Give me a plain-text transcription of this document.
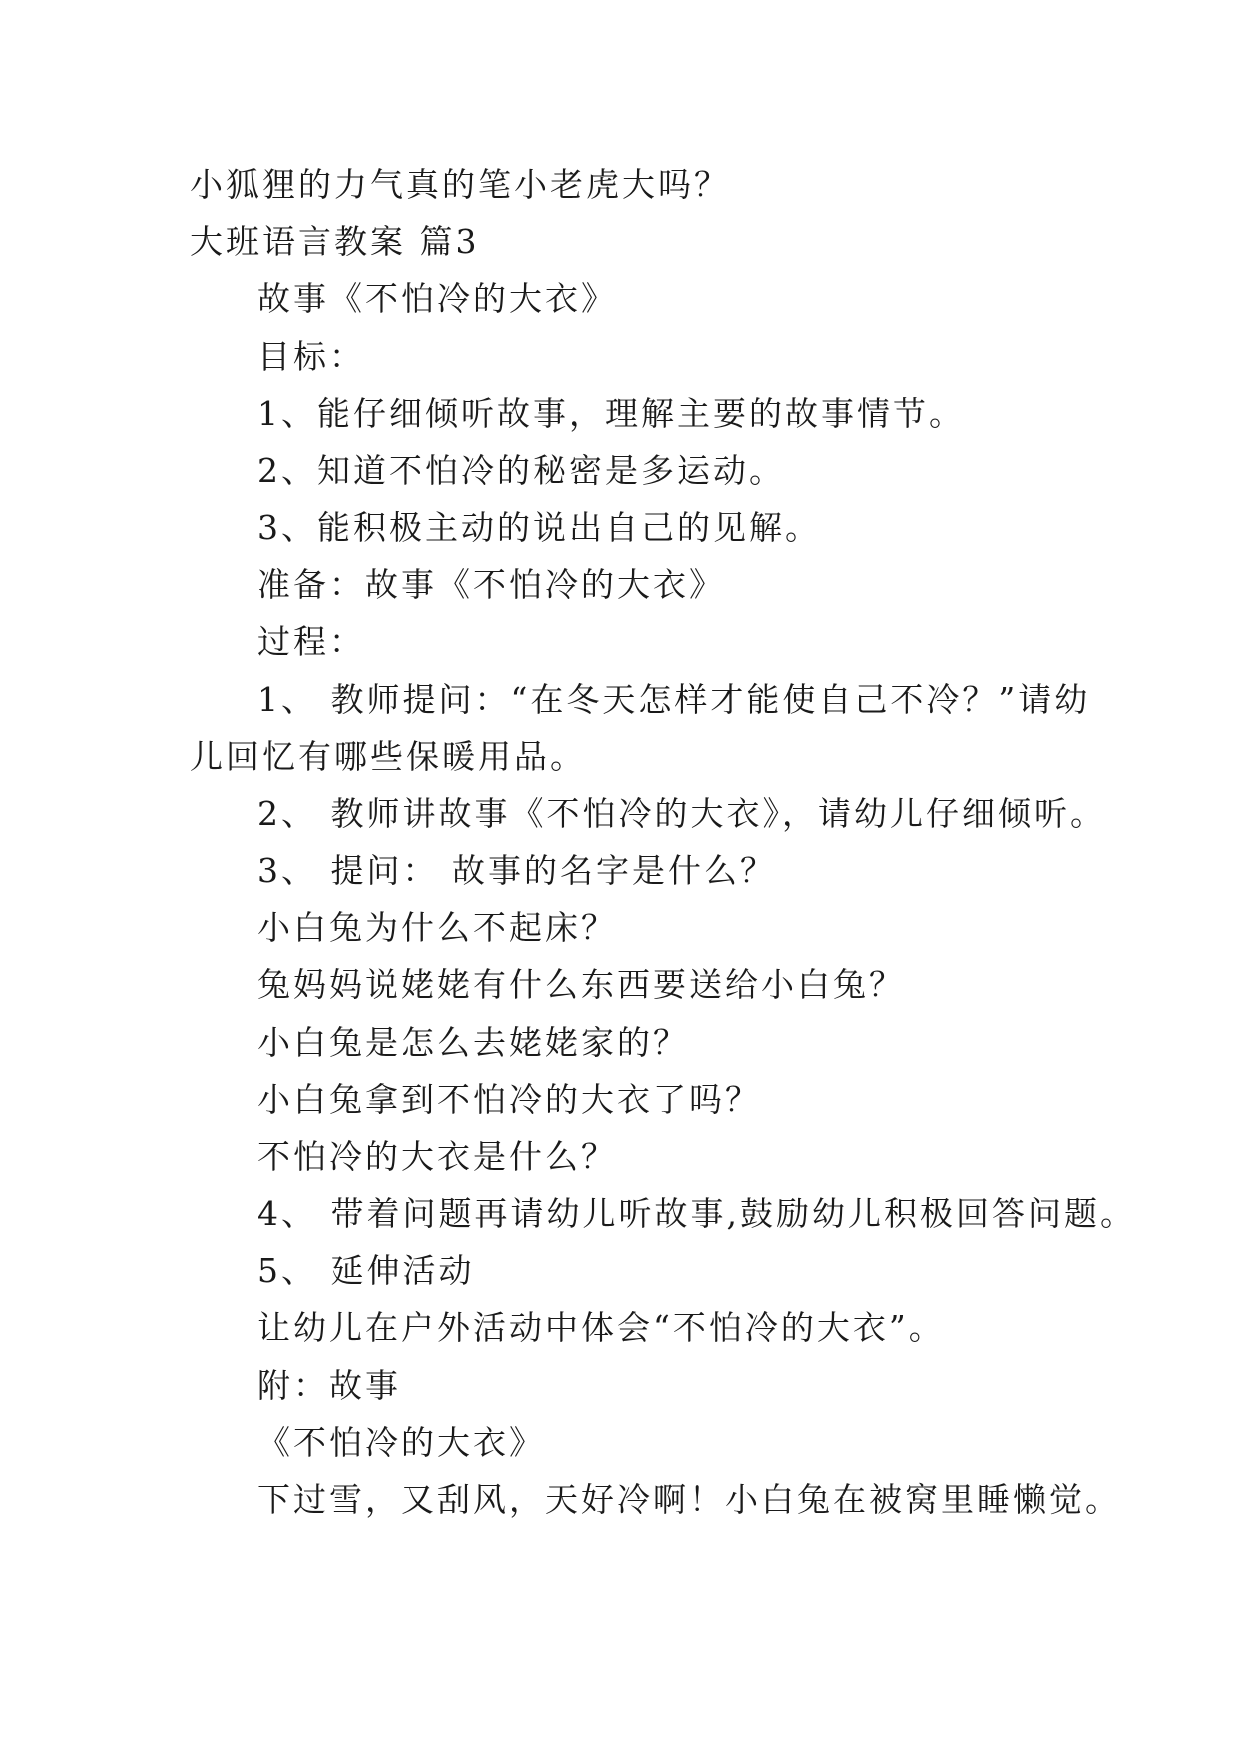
小狐狸的力气真的笔小老虎大吗？
大班语言教案 篇3
故事《不怕冷的大衣》
目标：
1、能仔细倾听故事，理解主要的故事情节。
2、知道不怕冷的秘密是多运动。
3、能积极主动的说出自己的见解。
准备：故事《不怕冷的大衣》
过程：
1、 教师提问：“在冬天怎样才能使自己不冷？”请幼
儿回忆有哪些保暖用品。
2、 教师讲故事《不怕冷的大衣》，请幼儿仔细倾听。
3、 提问： 故事的名字是什么？
小白兔为什么不起床？
兔妈妈说姥姥有什么东西要送给小白兔？
小白兔是怎么去姥姥家的？
小白兔拿到不怕冷的大衣了吗？
不怕冷的大衣是什么？
4、 带着问题再请幼儿听故事,鼓励幼儿积极回答问题。
5、 延伸活动
让幼儿在户外活动中体会“不怕冷的大衣”。
附：故事
《不怕冷的大衣》
下过雪，又刮风，天好冷啊！小白兔在被窝里睡懒觉。
